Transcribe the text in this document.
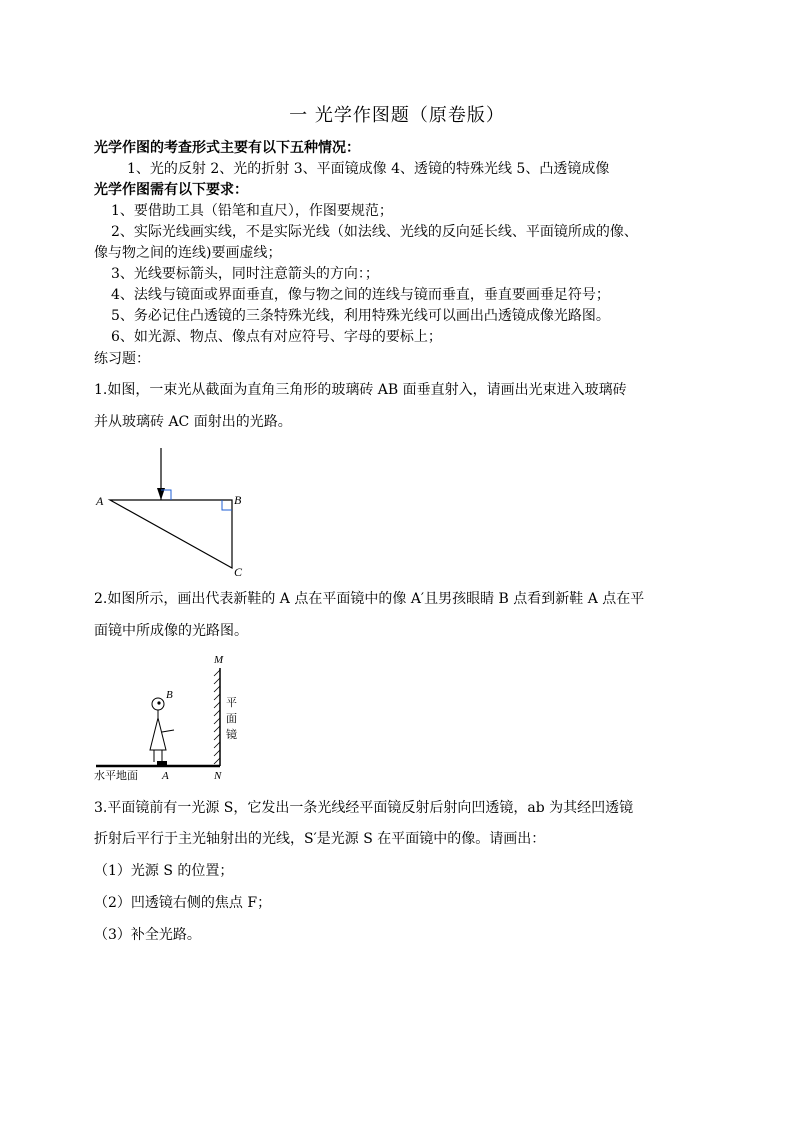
一 光学作图题（原卷版）
光学作图的考查形式主要有以下五种情况：
1、光的反射 2、光的折射 3、平面镜成像 4、透镜的特殊光线 5、凸透镜成像
光学作图需有以下要求：
1、要借助工具（铅笔和直尺），作图要规范；
2、实际光线画实线，不是实际光线（如法线、光线的反向延长线、平面镜所成的像、
像与物之间的连线)要画虚线；
3、光线要标箭头，同时注意箭头的方向：；
4、法线与镜面或界面垂直，像与物之间的连线与镜而垂直，垂直要画垂足符号；
5、务必记住凸透镜的三条特殊光线，利用特殊光线可以画出凸透镜成像光路图。
6、如光源、物点、像点有对应符号、字母的要标上；
练习题：
1.如图，一束光从截面为直角三角形的玻璃砖 AB 面垂直射入，请画出光束进入玻璃砖
并从玻璃砖 AC 面射出的光路。
A	B
C
2.如图所示，画出代表新鞋的 A 点在平面镜中的像 A′且男孩眼睛 B 点看到新鞋 A 点在平
面镜中所成像的光路图。
M
N
平
面
镜
水平地面
B
A
3.平面镜前有一光源 S，它发出一条光线经平面镜反射后射向凹透镜，ab 为其经凹透镜
折射后平行于主光轴射出的光线，S′是光源 S 在平面镜中的像。请画出：
（1）光源 S 的位置；
（2）凹透镜右侧的焦点 F；
（3）补全光路。
